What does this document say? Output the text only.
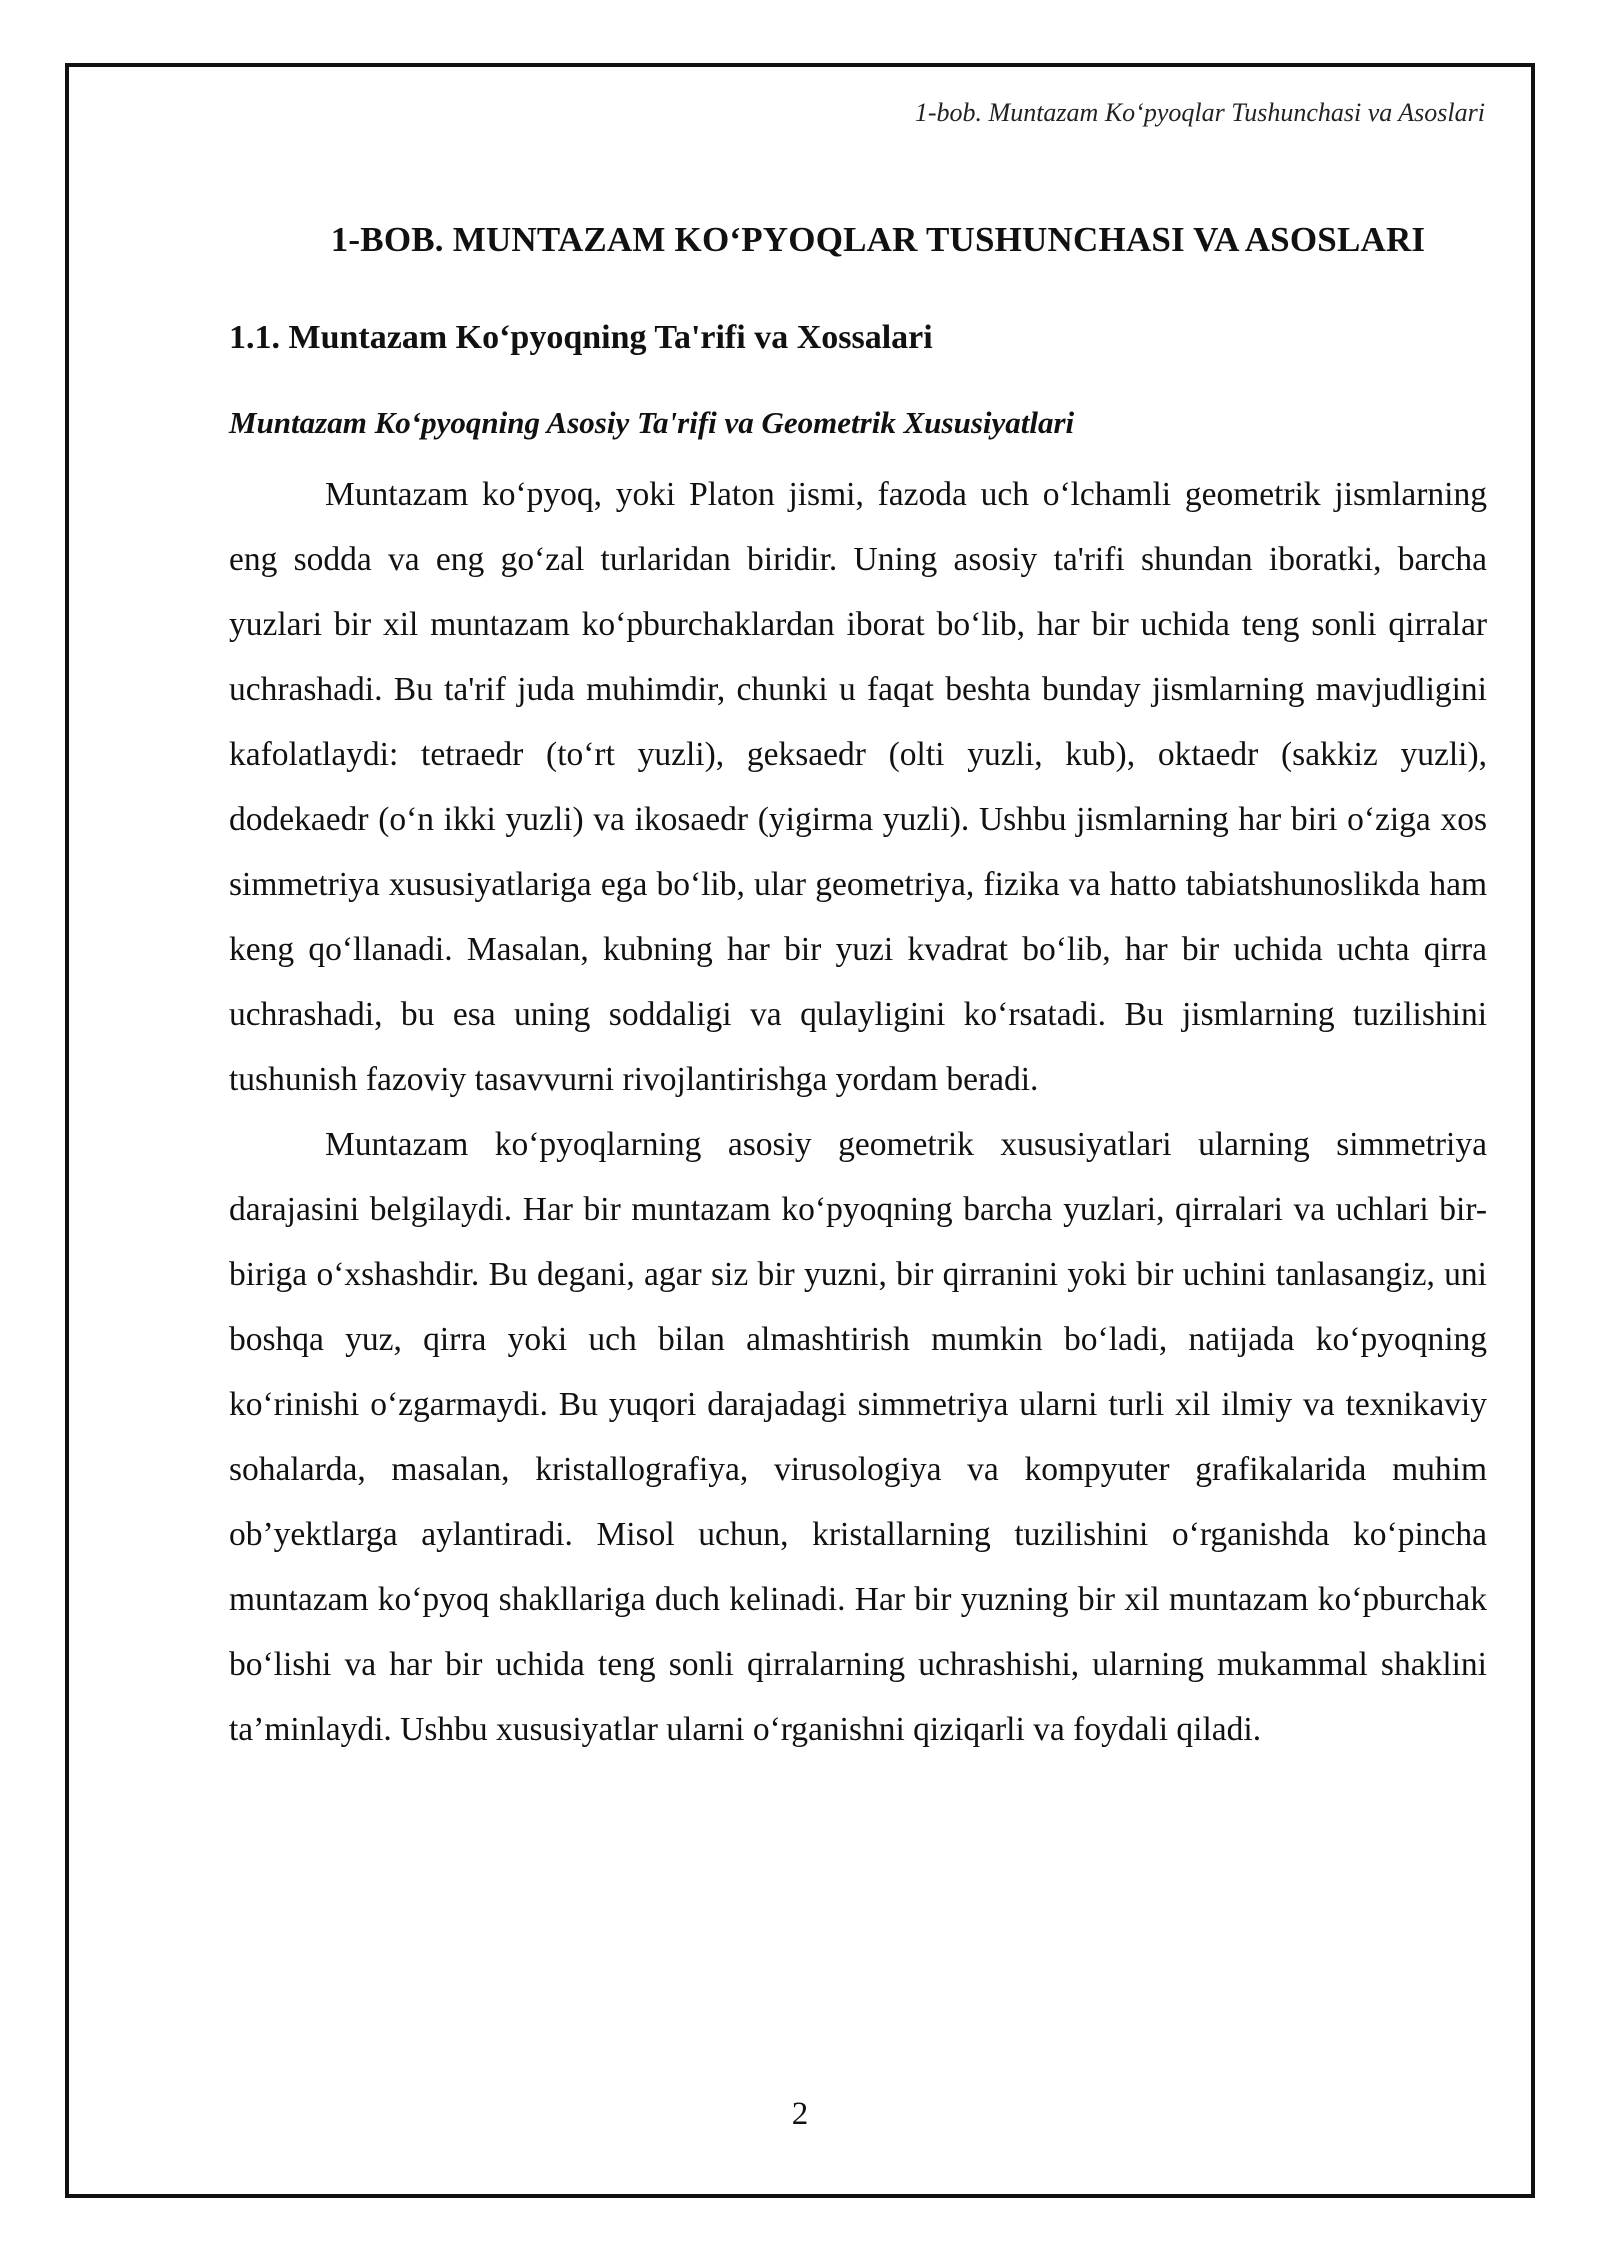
1-bob. Muntazam Ko‘pyoqlar Tushunchasi va Asoslari
1-BOB. MUNTAZAM KO‘PYOQLAR TUSHUNCHASI VA ASOSLARI
1.1. Muntazam Ko‘pyoqning Ta'rifi va Xossalari
Muntazam Ko‘pyoqning Asosiy Ta'rifi va Geometrik Xususiyatlari

Muntazam ko‘pyoq, yoki Platon jismi, fazoda uch o‘lchamli geometrik jismlarning eng sodda va eng go‘zal turlaridan biridir. Uning asosiy ta'rifi shundan iboratki, barcha yuzlari bir xil muntazam ko‘pburchaklardan iborat bo‘lib, har bir uchida teng sonli qirralar uchrashadi. Bu ta'rif juda muhimdir, chunki u faqat beshta bunday jismlarning mavjudligini kafolatlaydi: tetraedr (to‘rt yuzli), geksaedr (olti yuzli, kub), oktaedr (sakkiz yuzli), dodekaedr (o‘n ikki yuzli) va ikosaedr (yigirma yuzli). Ushbu jismlarning har biri o‘ziga xos simmetriya xususiyatlariga ega bo‘lib, ular geometriya, fizika va hatto tabiatshunoslikda ham keng qo‘llanadi. Masalan, kubning har bir yuzi kvadrat bo‘lib, har bir uchida uchta qirra uchrashadi, bu esa uning soddaligi va qulayligini ko‘rsatadi. Bu jismlarning tuzilishini tushunish fazoviy tasavvurni rivojlantirishga yordam beradi.

Muntazam ko‘pyoqlarning asosiy geometrik xususiyatlari ularning simmetriya darajasini belgilaydi. Har bir muntazam ko‘pyoqning barcha yuzlari, qirralari va uchlari bir-biriga o‘xshashdir. Bu degani, agar siz bir yuzni, bir qirranini yoki bir uchini tanlasangiz, uni boshqa yuz, qirra yoki uch bilan almashtirish mumkin bo‘ladi, natijada ko‘pyoqning ko‘rinishi o‘zgarmaydi. Bu yuqori darajadagi simmetriya ularni turli xil ilmiy va texnikaviy sohalarda, masalan, kristallografiya, virusologiya va kompyuter grafikalarida muhim ob’yektlarga aylantiradi. Misol uchun, kristallarning tuzilishini o‘rganishda ko‘pincha muntazam ko‘pyoq shakllariga duch kelinadi. Har bir yuzning bir xil muntazam ko‘pburchak bo‘lishi va har bir uchida teng sonli qirralarning uchrashishi, ularning mukammal shaklini ta’minlaydi. Ushbu xususiyatlar ularni o‘rganishni qiziqarli va foydali qiladi.

2
